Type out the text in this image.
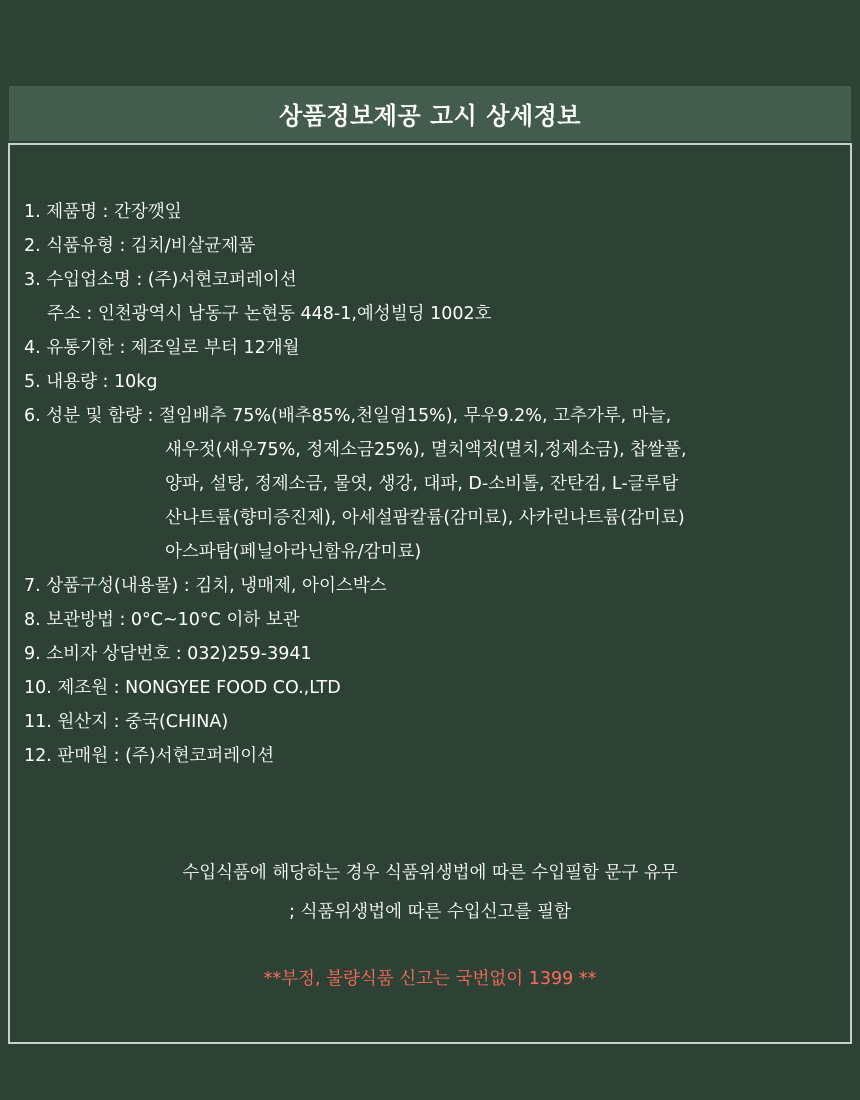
상품정보제공 고시 상세정보
1. 제품명 : 간장깻잎
2. 식품유형 : 김치/비살균제품
3. 수입업소명 : (주)서현코퍼레이션
주소 : 인천광역시 남동구 논현동 448-1,예성빌딩 1002호
4. 유통기한 : 제조일로 부터 12개월
5. 내용량 : 10kg
6. 성분 및 함량 : 절임배추 75%(배추85%,천일염15%), 무우9.2%, 고추가루, 마늘,
새우젓(새우75%, 정제소금25%), 멸치액젓(멸치,정제소금), 찹쌀풀,
양파, 설탕, 정제소금, 물엿, 생강, 대파, D-소비톨, 잔탄검, L-글루탐
산나트륨(향미증진제), 아세설팜칼륨(감미료), 사카린나트륨(감미료)
아스파탐(페닐아라닌함유/감미료)
7. 상품구성(내용물) : 김치, 냉매제, 아이스박스
8. 보관방법 : 0°C~10°C 이하 보관
9. 소비자 상담번호 : 032)259-3941
10. 제조원 : NONGYEE FOOD CO.,LTD
11. 원산지 : 중국(CHINA)
12. 판매원 : (주)서현코퍼레이션
수입식품에 해당하는 경우 식품위생법에 따른 수입필함 문구 유무
; 식품위생법에 따른 수입신고를 필함
**부정, 불량식품 신고는 국번없이 1399 **
